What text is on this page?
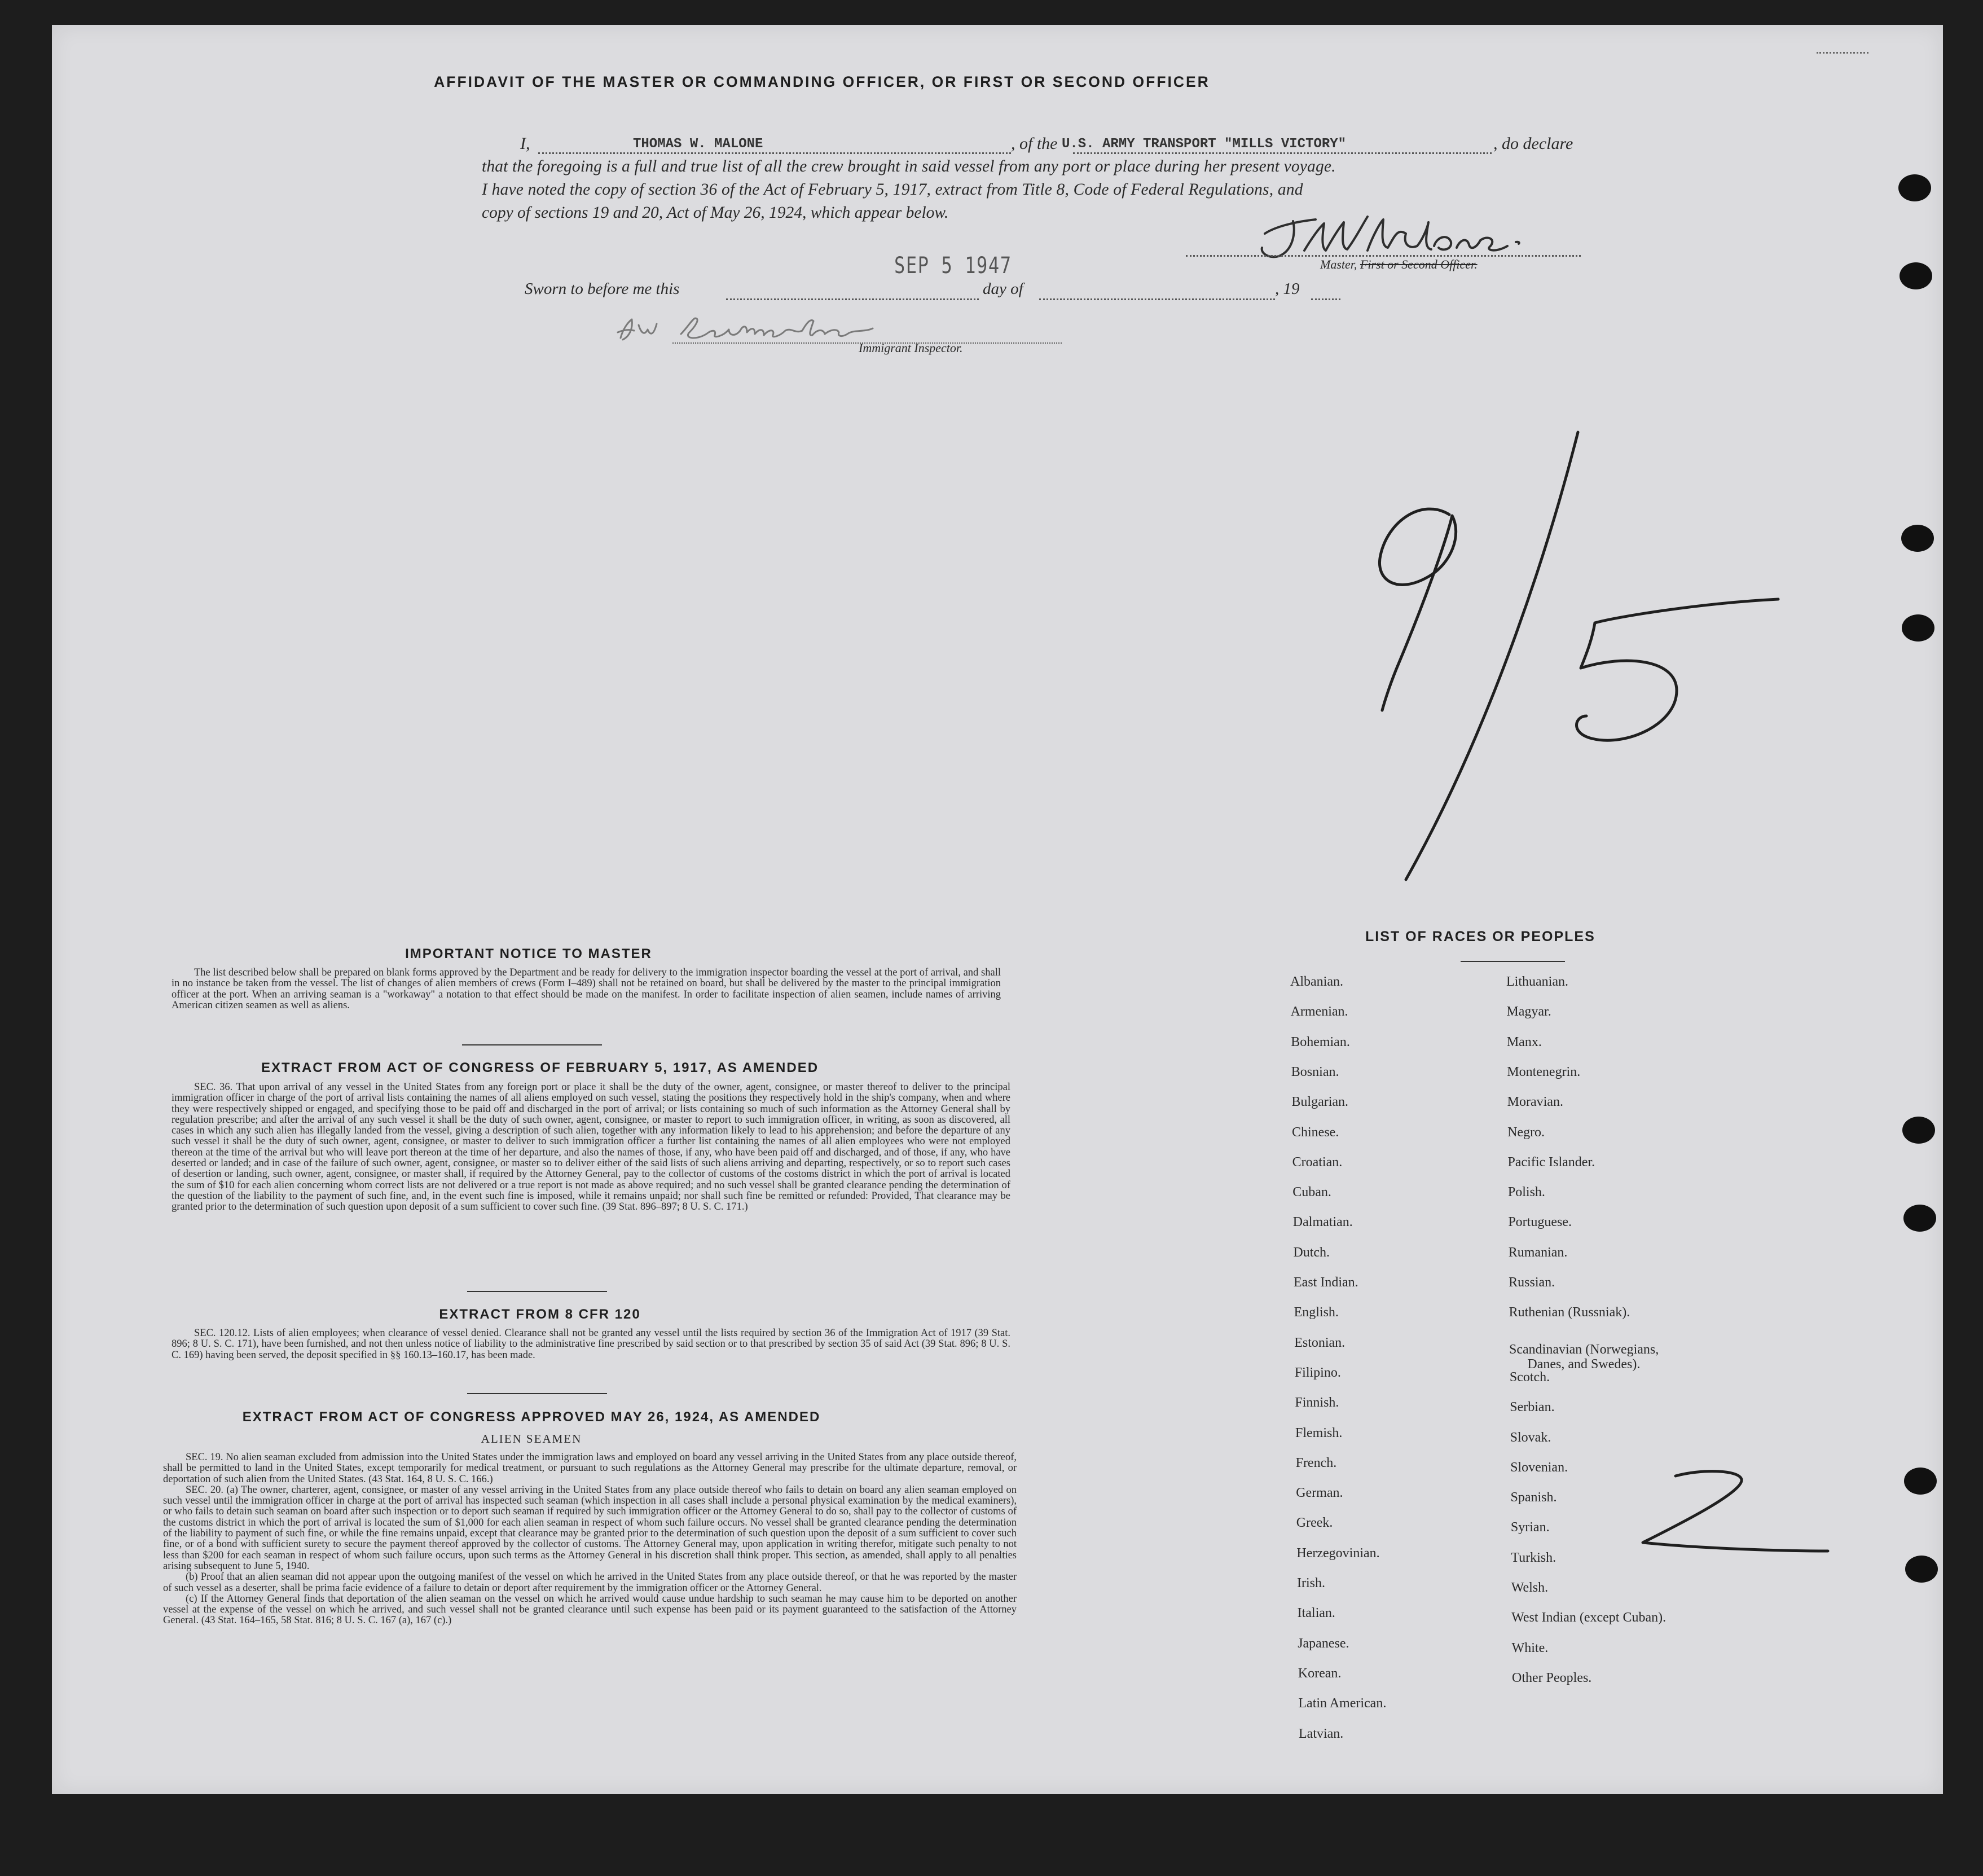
AFFIDAVIT OF THE MASTER OR COMMANDING OFFICER, OR FIRST OR SECOND OFFICER
I,	THOMAS W. MALONE	, of the U.S. ARMY TRANSPORT "MILLS VICTORY"	, do declare
that the foregoing is a full and true list of all the crew brought in said vessel from any port or place during her present voyage.
I have noted the copy of section 36 of the Act of February 5, 1917, extract from Title 8, Code of Federal Regulations, and
copy of sections 19 and 20, Act of May 26, 1924, which appear below.
Master, First or Second Officer.
Sworn to before me this
SEP 5 1947
day of	, 19
Immigrant Inspector.
IMPORTANT NOTICE TO MASTER
The list described below shall be prepared on blank forms approved by the Department and be ready for delivery to the immigration inspector boarding the vessel at the port of arrival, and shall in no instance be taken from the vessel. The list of changes of alien members of crews (Form I–489) shall not be retained on board, but shall be delivered by the master to the principal immigration officer at the port. When an arriving seaman is a "workaway" a notation to that effect should be made on the manifest. In order to facilitate inspection of alien seamen, include names of arriving American citizen seamen as well as aliens.
EXTRACT FROM ACT OF CONGRESS OF FEBRUARY 5, 1917, AS AMENDED
SEC. 36. That upon arrival of any vessel in the United States from any foreign port or place it shall be the duty of the owner, agent, consignee, or master thereof to deliver to the principal immigration officer in charge of the port of arrival lists containing the names of all aliens employed on such vessel, stating the positions they respectively hold in the ship's company, when and where they were respectively shipped or engaged, and specifying those to be paid off and discharged in the port of arrival; or lists containing so much of such information as the Attorney General shall by regulation prescribe; and after the arrival of any such vessel it shall be the duty of such owner, agent, consignee, or master to report to such immigration officer, in writing, as soon as discovered, all cases in which any such alien has illegally landed from the vessel, giving a description of such alien, together with any information likely to lead to his apprehension; and before the departure of any such vessel it shall be the duty of such owner, agent, consignee, or master to deliver to such immigration officer a further list containing the names of all alien employees who were not employed thereon at the time of the arrival but who will leave port thereon at the time of her departure, and also the names of those, if any, who have been paid off and discharged, and of those, if any, who have deserted or landed; and in case of the failure of such owner, agent, consignee, or master so to deliver either of the said lists of such aliens arriving and departing, respectively, or so to report such cases of desertion or landing, such owner, agent, consignee, or master shall, if required by the Attorney General, pay to the collector of customs of the costoms district in which the port of arrival is located the sum of $10 for each alien concerning whom correct lists are not delivered or a true report is not made as above required; and no such vessel shall be granted clearance pending the determination of the question of the liability to the payment of such fine, and, in the event such fine is imposed, while it remains unpaid; nor shall such fine be remitted or refunded: Provided, That clearance may be granted prior to the determination of such question upon deposit of a sum sufficient to cover such fine. (39 Stat. 896–897; 8 U. S. C. 171.)
EXTRACT FROM 8 CFR 120
SEC. 120.12. Lists of alien employees; when clearance of vessel denied. Clearance shall not be granted any vessel until the lists required by section 36 of the Immigration Act of 1917 (39 Stat. 896; 8 U. S. C. 171), have been furnished, and not then unless notice of liability to the administrative fine prescribed by said section or to that prescribed by section 35 of said Act (39 Stat. 896; 8 U. S. C. 169) having been served, the deposit specified in §§ 160.13–160.17, has been made.
EXTRACT FROM ACT OF CONGRESS APPROVED MAY 26, 1924, AS AMENDED
ALIEN SEAMEN
SEC. 19. No alien seaman excluded from admission into the United States under the immigration laws and employed on board any vessel arriving in the United States from any place outside thereof, shall be permitted to land in the United States, except temporarily for medical treatment, or pursuant to such regulations as the Attorney General may prescribe for the ultimate departure, removal, or deportation of such alien from the United States. (43 Stat. 164, 8 U. S. C. 166.)
SEC. 20. (a) The owner, charterer, agent, consignee, or master of any vessel arriving in the United States from any place outside thereof who fails to detain on board any alien seaman employed on such vessel until the immigration officer in charge at the port of arrival has inspected such seaman (which inspection in all cases shall include a personal physical examination by the medical examiners), or who fails to detain such seaman on board after such inspection or to deport such seaman if required by such immigration officer or the Attorney General to do so, shall pay to the collector of customs of the customs district in which the port of arrival is located the sum of $1,000 for each alien seaman in respect of whom such failure occurs. No vessel shall be granted clearance pending the determination of the liability to payment of such fine, or while the fine remains unpaid, except that clearance may be granted prior to the determination of such question upon the deposit of a sum sufficient to cover such fine, or of a bond with sufficient surety to secure the payment thereof approved by the collector of customs. The Attorney General may, upon application in writing therefor, mitigate such penalty to not less than $200 for each seaman in respect of whom such failure occurs, upon such terms as the Attorney General in his discretion shall think proper. This section, as amended, shall apply to all penalties arising subsequent to June 5, 1940.
(b) Proof that an alien seaman did not appear upon the outgoing manifest of the vessel on which he arrived in the United States from any place outside thereof, or that he was reported by the master of such vessel as a deserter, shall be prima facie evidence of a failure to detain or deport after requirement by the immigration officer or the Attorney General.
(c) If the Attorney General finds that deportation of the alien seaman on the vessel on which he arrived would cause undue hardship to such seaman he may cause him to be deported on another vessel at the expense of the vessel on which he arrived, and such vessel shall not be granted clearance until such expense has been paid or its payment guaranteed to the satisfaction of the Attorney General. (43 Stat. 164–165, 58 Stat. 816; 8 U. S. C. 167 (a), 167 (c).)
LIST OF RACES OR PEOPLES
Albanian.
Armenian.
Bohemian.
Bosnian.
Bulgarian.
Chinese.
Croatian.
Cuban.
Dalmatian.
Dutch.
East Indian.
English.
Estonian.
Filipino.
Finnish.
Flemish.
French.
German.
Greek.
Herzegovinian.
Irish.
Italian.
Japanese.
Korean.
Latin American.
Latvian.
Lithuanian.
Magyar.
Manx.
Montenegrin.
Moravian.
Negro.
Pacific Islander.
Polish.
Portuguese.
Rumanian.
Russian.
Ruthenian (Russniak).
Scandinavian (Norwegians,
Danes, and Swedes).
Scotch.
Serbian.
Slovak.
Slovenian.
Spanish.
Syrian.
Turkish.
Welsh.
West Indian (except Cuban).
White.
Other Peoples.
